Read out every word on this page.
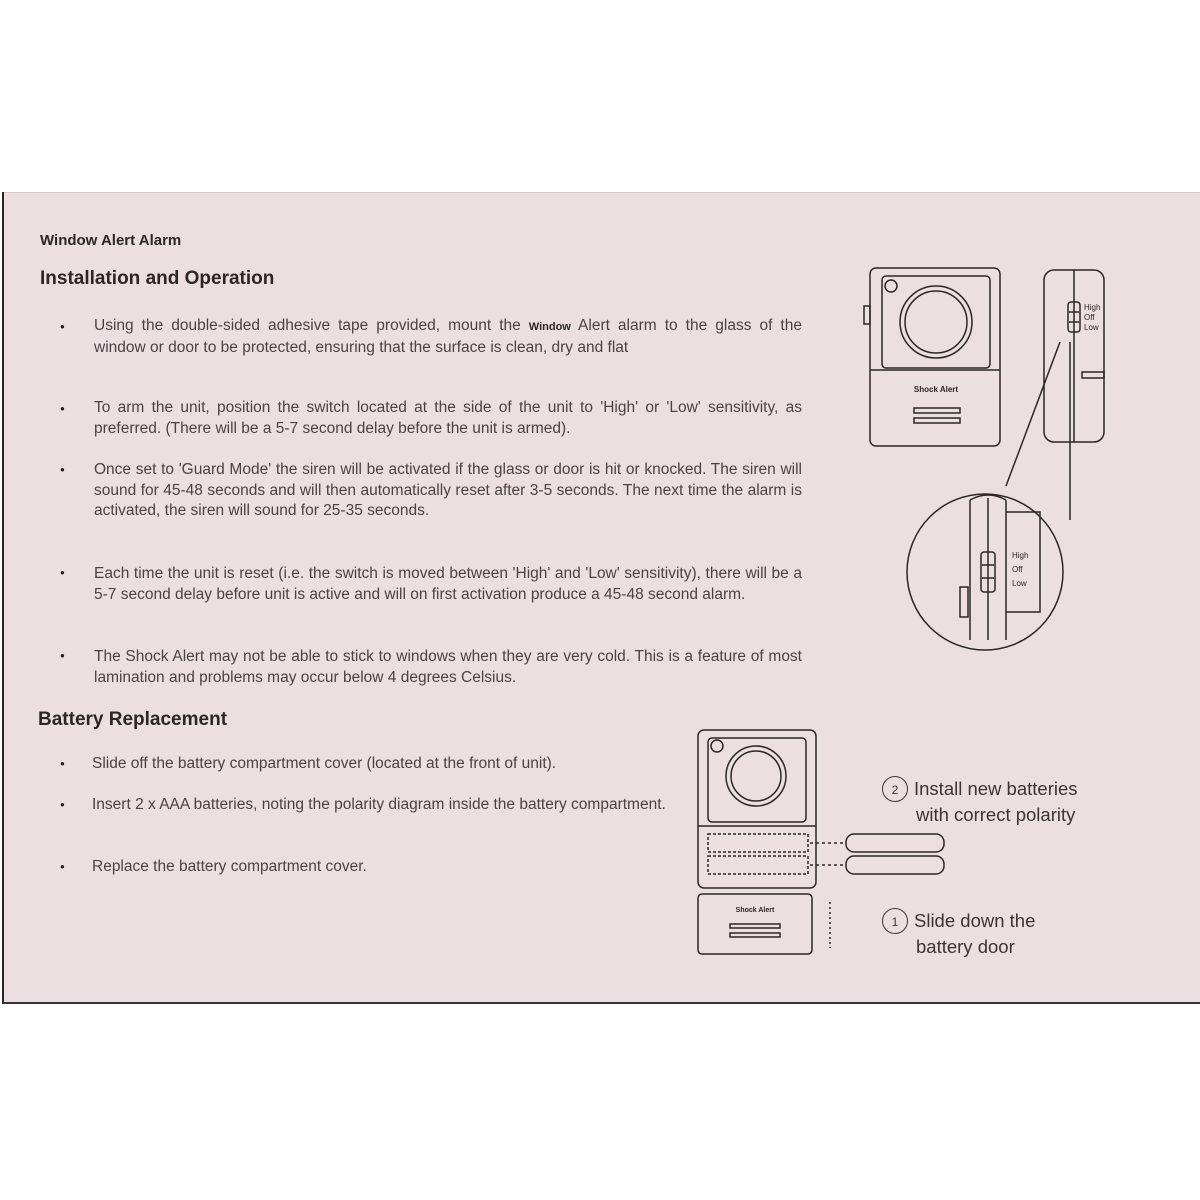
Window Alert Alarm
Installation and Operation
● Using the double-sided adhesive tape provided, mount the Window Alert alarm to the glass of the window or door to be protected, ensuring that the surface is clean, dry and flat

● To arm the unit, position the switch located at the side of the unit to 'High' or 'Low' sensitivity, as preferred. (There will be a 5-7 second delay before the unit is armed).

● Once set to 'Guard Mode' the siren will be activated if the glass or door is hit or knocked. The siren will sound for 45-48 seconds and will then automatically reset after 3-5 seconds. The next time the alarm is activated, the siren will sound for 25-35 seconds.

● Each time the unit is reset (i.e. the switch is moved between 'High' and 'Low' sensitivity), there will be a 5-7 second delay before unit is active and will on first activation produce a 45-48 second alarm.

● The Shock Alert may not be able to stick to windows when they are very cold. This is a feature of most lamination and problems may occur below 4 degrees Celsius.

Battery Replacement
● Slide off the battery compartment cover (located at the front of unit).

● Insert 2 x AAA batteries, noting the polarity diagram inside the battery compartment.

● Replace the battery compartment cover.

Shock Alert
High
Off
Low
High
Off
Low
Shock Alert
2 Install new batteries
with correct polarity
1 Slide down the
battery door
